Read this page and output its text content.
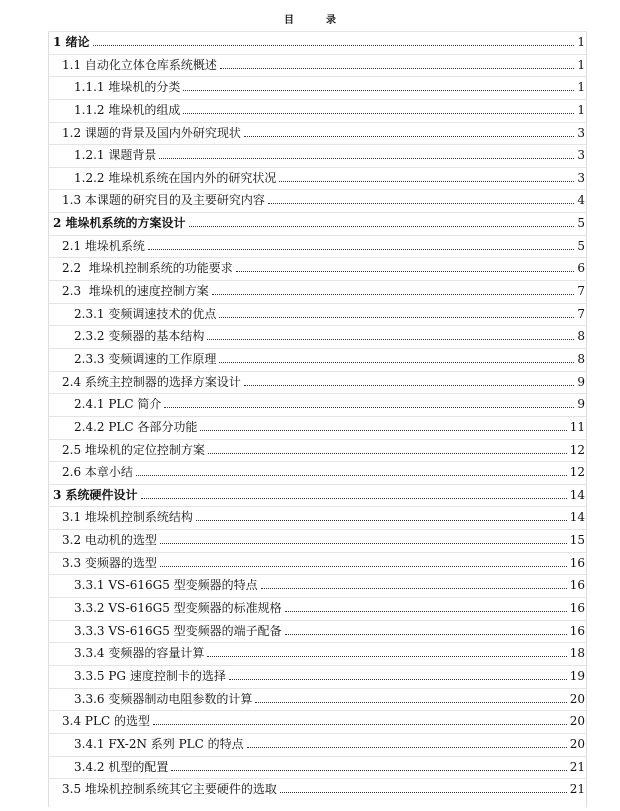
目	录
1 绪论	1
1.1 自动化立体仓库系统概述	1
1.1.1 堆垛机的分类	1
1.1.2 堆垛机的组成	1
1.2 课题的背景及国内外研究现状	3
1.2.1 课题背景	3
1.2.2 堆垛机系统在国内外的研究状况	3
1.3 本课题的研究目的及主要研究内容	4
2 堆垛机系统的方案设计	5
2.1 堆垛机系统	5
2.2  堆垛机控制系统的功能要求	6
2.3  堆垛机的速度控制方案	7
2.3.1 变频调速技术的优点	7
2.3.2 变频器的基本结构	8
2.3.3 变频调速的工作原理	8
2.4 系统主控制器的选择方案设计	9
2.4.1 PLC 简介	9
2.4.2 PLC 各部分功能	11
2.5 堆垛机的定位控制方案	12
2.6 本章小结	12
3 系统硬件设计	14
3.1 堆垛机控制系统结构	14
3.2 电动机的选型	15
3.3 变频器的选型	16
3.3.1 VS-616G5 型变频器的特点	16
3.3.2 VS-616G5 型变频器的标准规格	16
3.3.3 VS-616G5 型变频器的端子配备	16
3.3.4 变频器的容量计算	18
3.3.5 PG 速度控制卡的选择	19
3.3.6 变频器制动电阻参数的计算	20
3.4 PLC 的选型	20
3.4.1 FX-2N 系列 PLC 的特点	20
3.4.2 机型的配置	21
3.5 堆垛机控制系统其它主要硬件的选取	21
